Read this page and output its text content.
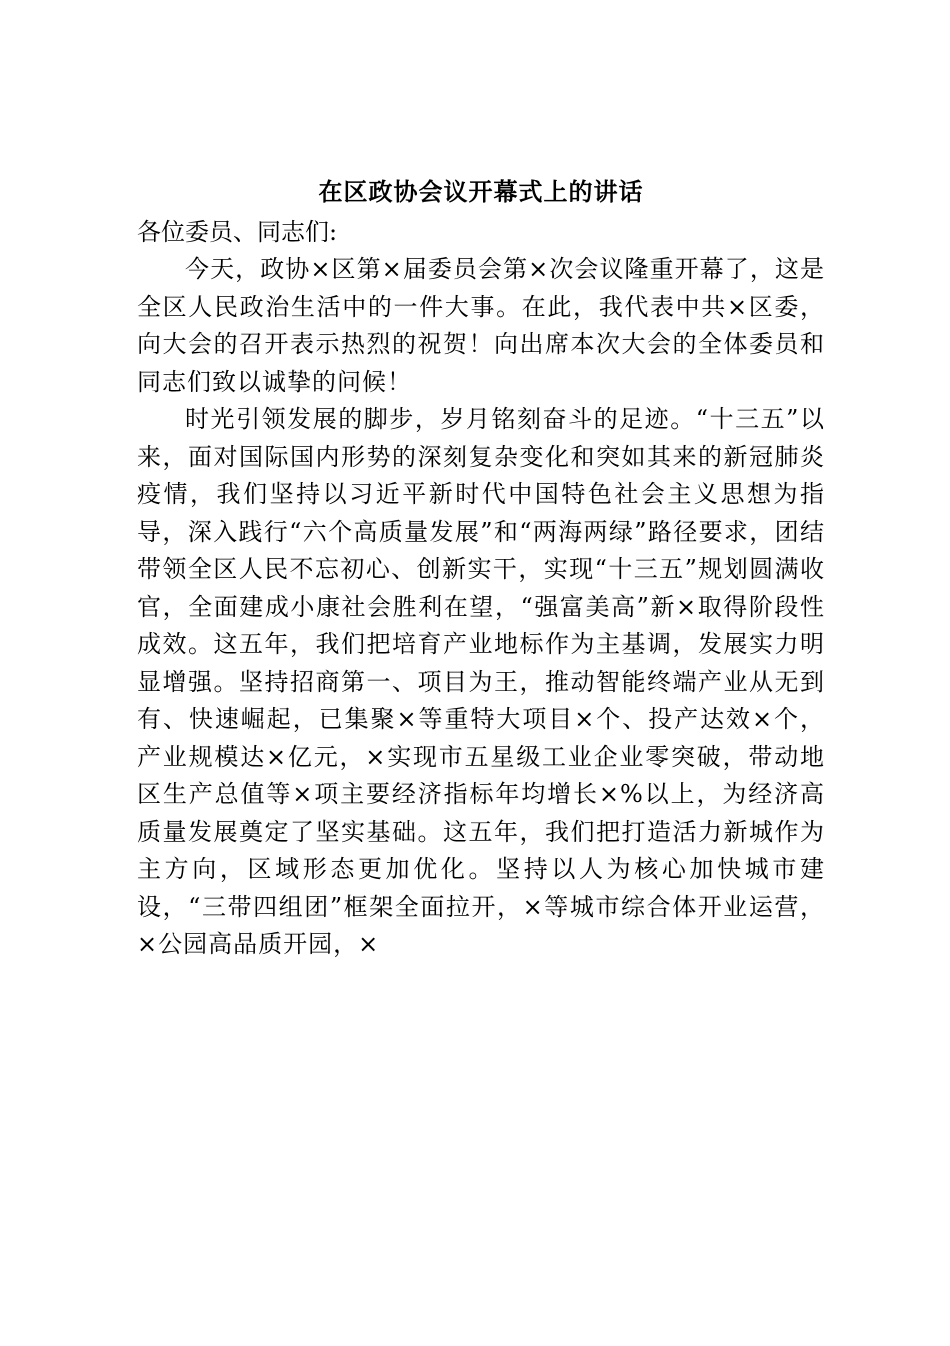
在区政协会议开幕式上的讲话

各位委员、同志们:

今天，政协×区第×届委员会第×次会议隆重开幕了，这是全区人民政治生活中的一件大事。在此，我代表中共×区委，向大会的召开表示热烈的祝贺！向出席本次大会的全体委员和同志们致以诚挚的问候！

时光引领发展的脚步，岁月铭刻奋斗的足迹。“十三五”以来，面对国际国内形势的深刻复杂变化和突如其来的新冠肺炎疫情，我们坚持以习近平新时代中国特色社会主义思想为指导，深入践行“六个高质量发展”和“两海两绿”路径要求，团结带领全区人民不忘初心、创新实干，实现“十三五”规划圆满收官，全面建成小康社会胜利在望，“强富美高”新×取得阶段性成效。这五年，我们把培育产业地标作为主基调，发展实力明显增强。坚持招商第一、项目为王，推动智能终端产业从无到有、快速崛起，已集聚×等重特大项目×个、投产达效×个，产业规模达×亿元，×实现市五星级工业企业零突破，带动地区生产总值等×项主要经济指标年均增长×%以上，为经济高质量发展奠定了坚实基础。这五年，我们把打造活力新城作为主方向，区域形态更加优化。坚持以人为核心加快城市建设，“三带四组团”框架全面拉开，×等城市综合体开业运营，×公园高品质开园，×
